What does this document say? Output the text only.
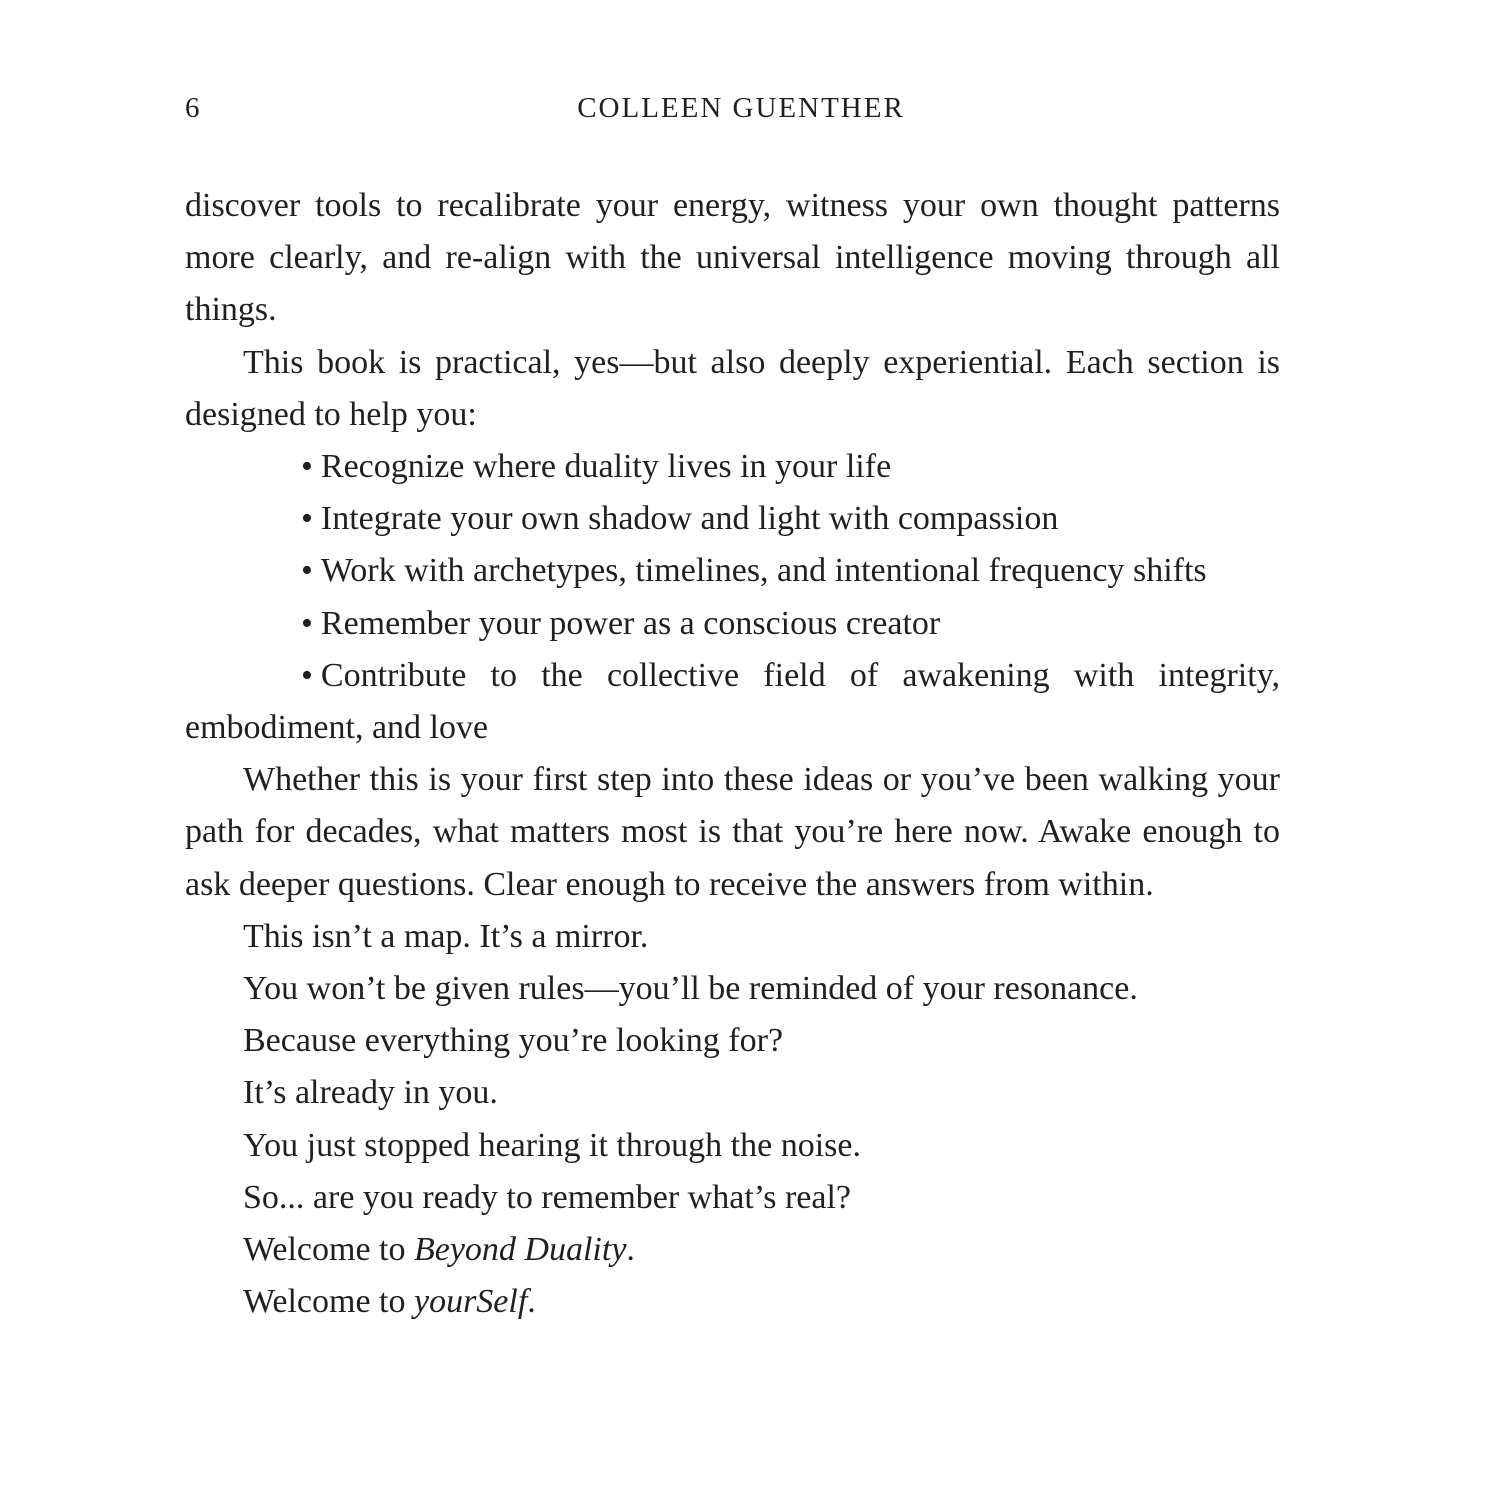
6	COLLEEN GUENTHER

discover tools to recalibrate your energy, witness your own thought patterns more clearly, and re-align with the universal intelligence moving through all things.

This book is practical, yes—but also deeply experiential. Each section is designed to help you:

• Recognize where duality lives in your life

• Integrate your own shadow and light with compassion

• Work with archetypes, timelines, and intentional frequency shifts

• Remember your power as a conscious creator

• Contribute to the collective field of awakening with integrity, embodiment, and love

Whether this is your first step into these ideas or you’ve been walking your path for decades, what matters most is that you’re here now. Awake enough to ask deeper questions. Clear enough to receive the answers from within.

This isn’t a map. It’s a mirror.

You won’t be given rules—you’ll be reminded of your resonance.

Because everything you’re looking for?

It’s already in you.

You just stopped hearing it through the noise.

So... are you ready to remember what’s real?

Welcome to Beyond Duality.

Welcome to yourSelf.
